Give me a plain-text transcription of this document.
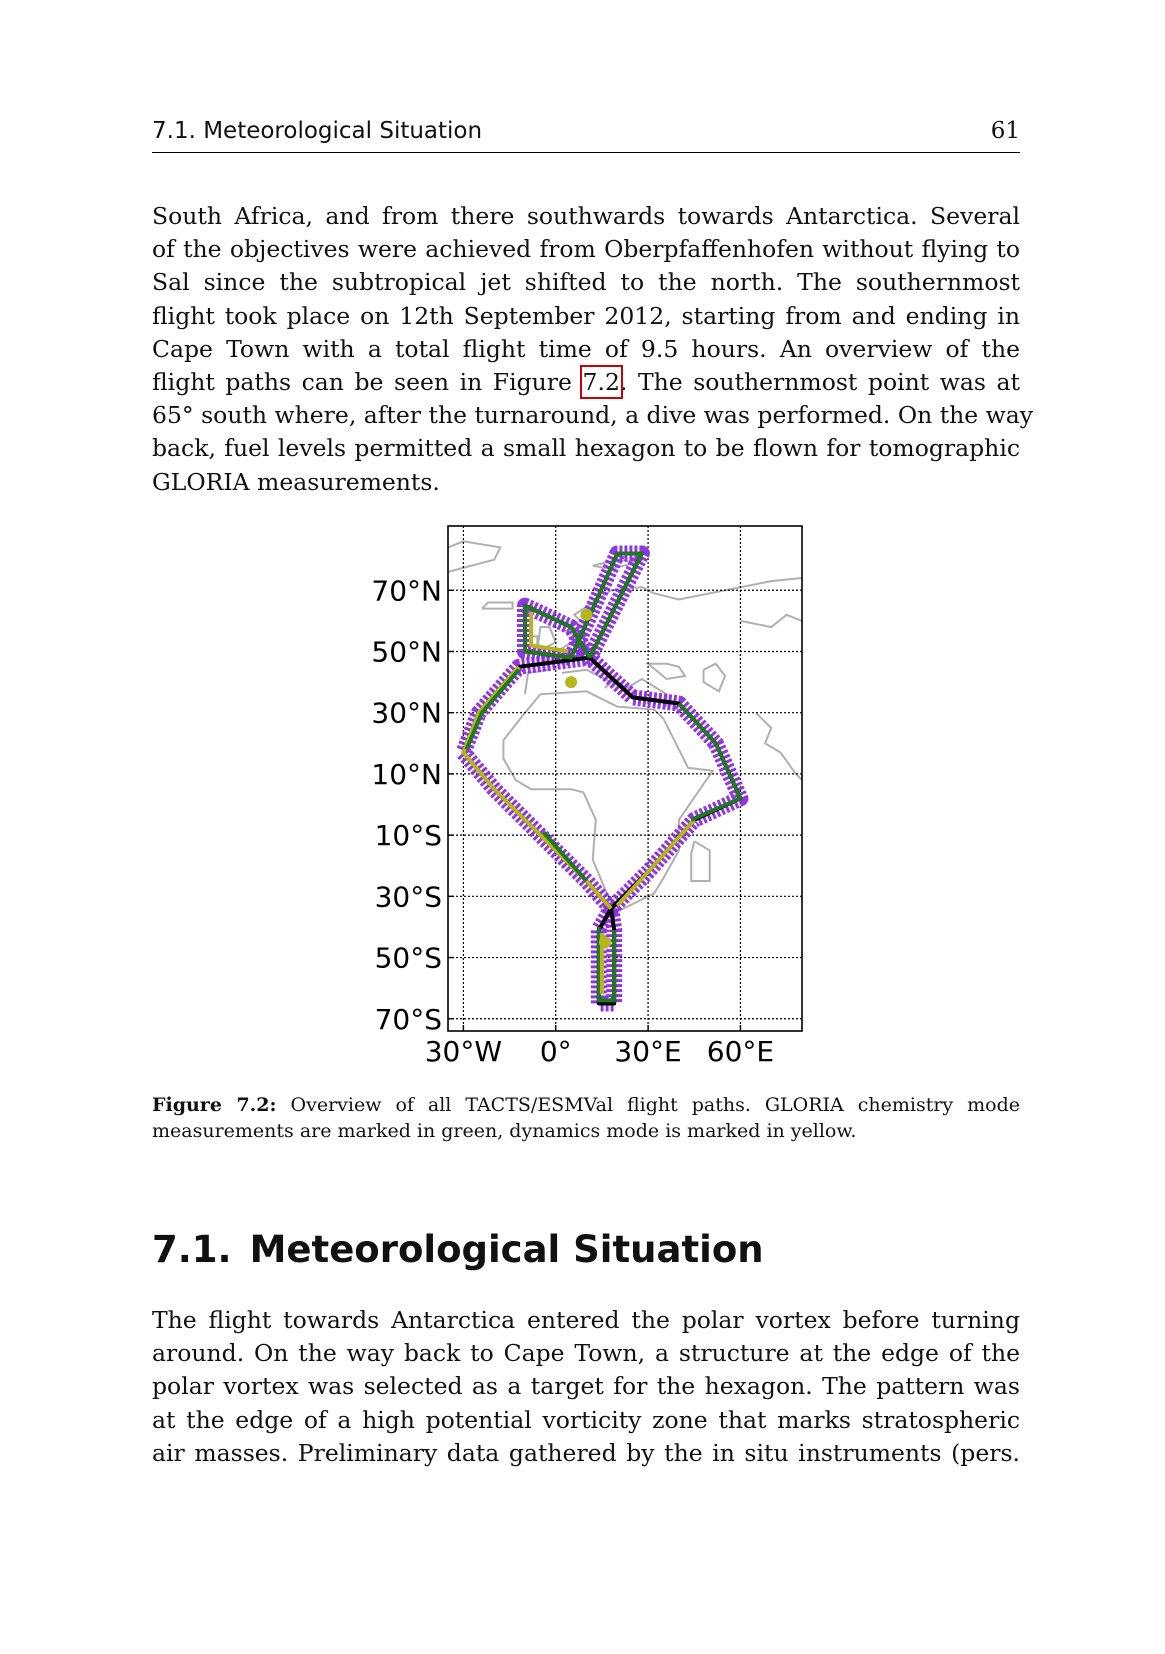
7.1. Meteorological Situation	61
South Africa, and from there southwards towards Antarctica. Several
of the objectives were achieved from Oberpfaffenhofen without flying to
Sal since the subtropical jet shifted to the north. The southernmost
flight took place on 12th September 2012, starting from and ending in
Cape Town with a total flight time of 9.5 hours. An overview of the
flight paths can be seen in Figure 7.2. The southernmost point was at
65° south where, after the turnaround, a dive was performed. On the way
back, fuel levels permitted a small hexagon to be flown for tomographic
GLORIA measurements.
70°N
50°N
30°N
10°N
10°S
30°S
50°S
70°S
30°W 0° 30°E 60°E
Figure 7.2: Overview of all TACTS/ESMVal flight paths. GLORIA chemistry mode
measurements are marked in green, dynamics mode is marked in yellow.
7.1. Meteorological Situation
The flight towards Antarctica entered the polar vortex before turning
around. On the way back to Cape Town, a structure at the edge of the
polar vortex was selected as a target for the hexagon. The pattern was
at the edge of a high potential vorticity zone that marks stratospheric
air masses. Preliminary data gathered by the in situ instruments (pers.
